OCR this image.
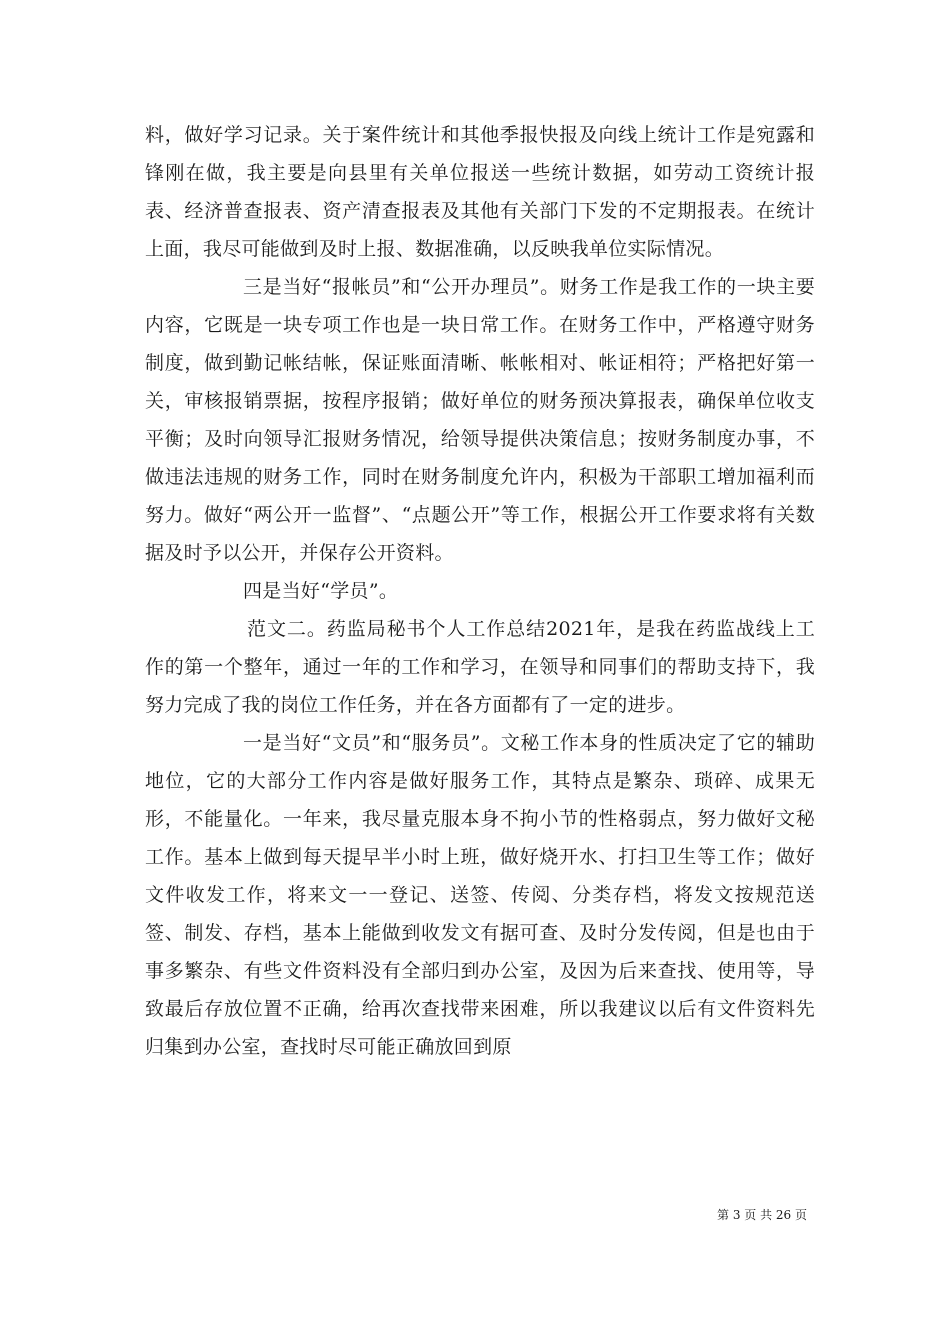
料，做好学习记录。关于案件统计和其他季报快报及向线上统计工作是宛露和锋刚在做，我主要是向县里有关单位报送一些统计数据，如劳动工资统计报表、经济普查报表、资产清查报表及其他有关部门下发的不定期报表。在统计上面，我尽可能做到及时上报、数据准确，以反映我单位实际情况。

三是当好“报帐员”和“公开办理员”。财务工作是我工作的一块主要内容，它既是一块专项工作也是一块日常工作。在财务工作中，严格遵守财务制度，做到勤记帐结帐，保证账面清晰、帐帐相对、帐证相符；严格把好第一关，审核报销票据，按程序报销；做好单位的财务预决算报表，确保单位收支平衡；及时向领导汇报财务情况，给领导提供决策信息；按财务制度办事，不做违法违规的财务工作，同时在财务制度允许内，积极为干部职工增加福利而努力。做好“两公开一监督”、“点题公开”等工作，根据公开工作要求将有关数据及时予以公开，并保存公开资料。

四是当好“学员”。

范文二。药监局秘书个人工作总结2021年，是我在药监战线上工作的第一个整年，通过一年的工作和学习，在领导和同事们的帮助支持下，我努力完成了我的岗位工作任务，并在各方面都有了一定的进步。

一是当好“文员”和“服务员”。文秘工作本身的性质决定了它的辅助地位，它的大部分工作内容是做好服务工作，其特点是繁杂、琐碎、成果无形，不能量化。一年来，我尽量克服本身不拘小节的性格弱点，努力做好文秘工作。基本上做到每天提早半小时上班，做好烧开水、打扫卫生等工作；做好文件收发工作，将来文一一登记、送签、传阅、分类存档，将发文按规范送签、制发、存档，基本上能做到收发文有据可查、及时分发传阅，但是也由于事多繁杂、有些文件资料没有全部归到办公室，及因为后来查找、使用等，导致最后存放位置不正确，给再次查找带来困难，所以我建议以后有文件资料先归集到办公室，查找时尽可能正确放回到原

第 3 页 共 26 页
